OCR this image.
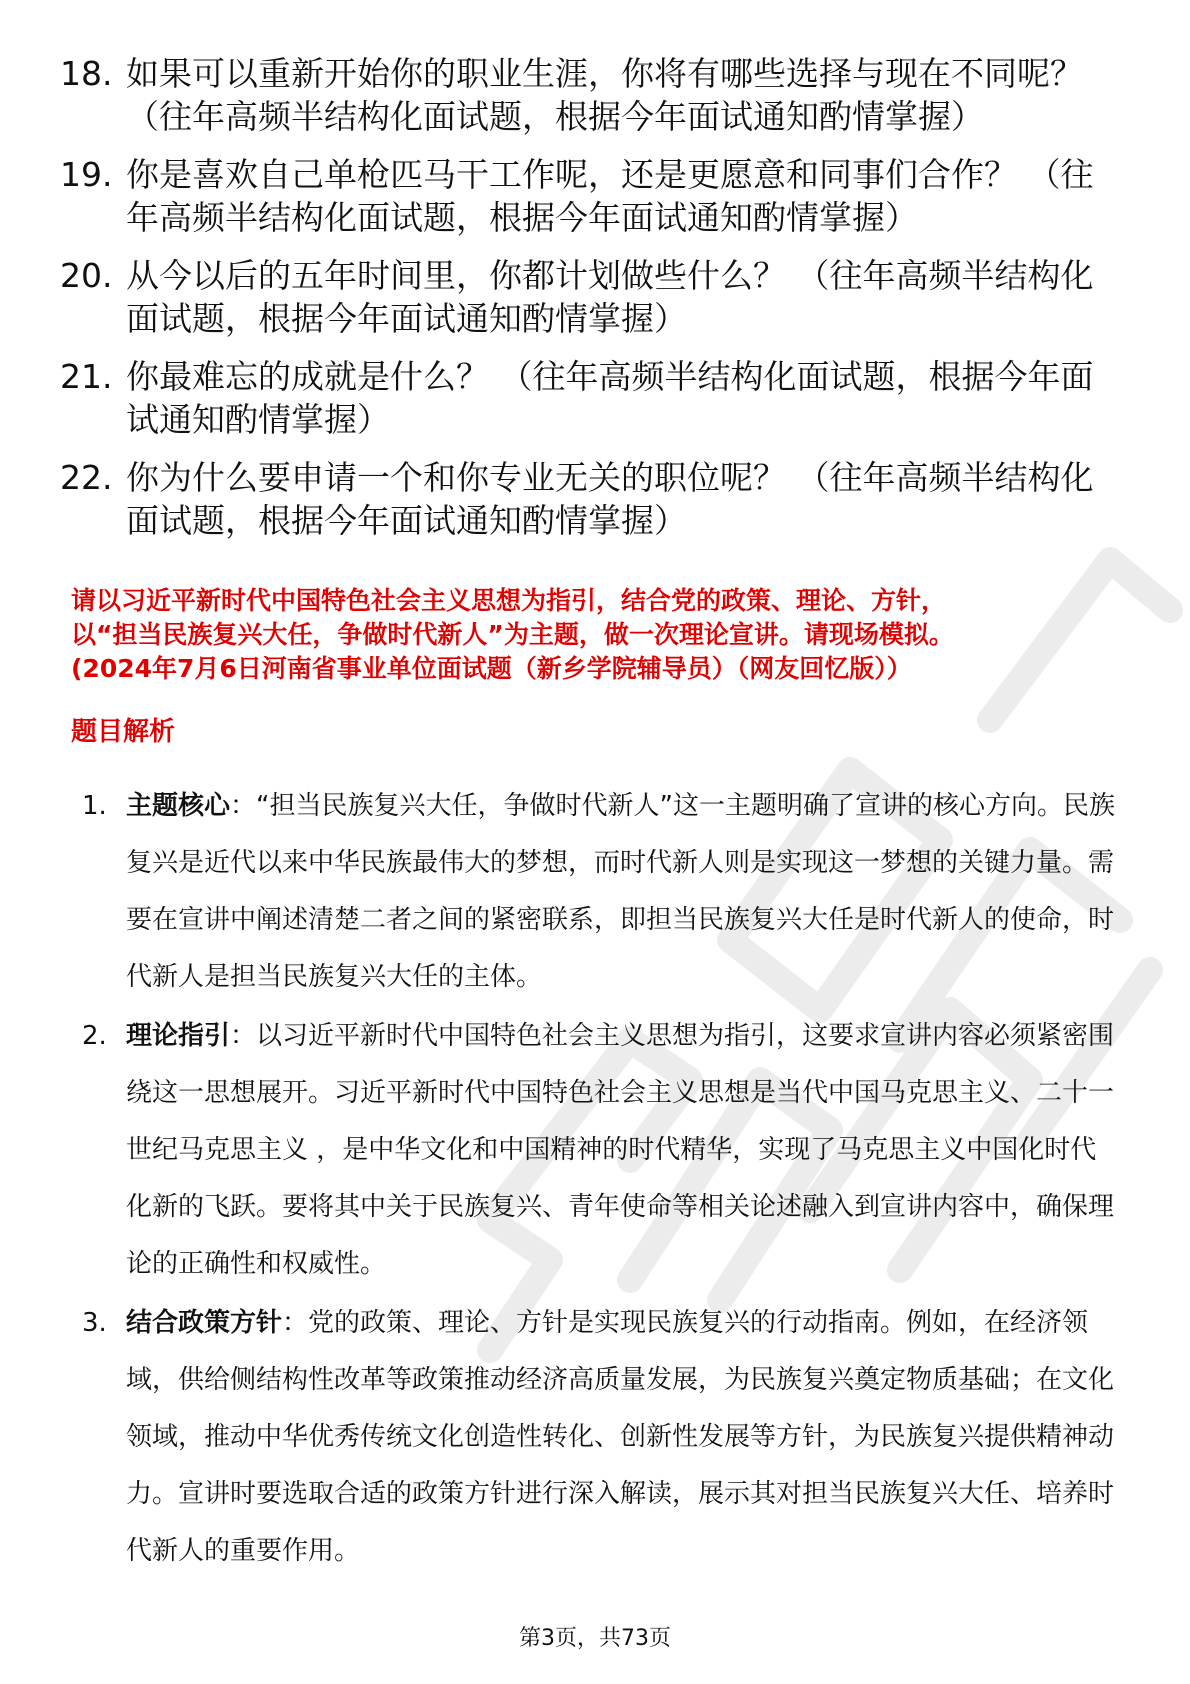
18. 如果可以重新开始你的职业生涯，你将有哪些选择与现在不同呢？ （往年高频半结构化面试题，根据今年面试通知酌情掌握）
19. 你是喜欢自己单枪匹马干工作呢，还是更愿意和同事们合作？ （往年高频半结构化面试题，根据今年面试通知酌情掌握）
20. 从今以后的五年时间里，你都计划做些什么？ （往年高频半结构化面试题，根据今年面试通知酌情掌握）
21. 你最难忘的成就是什么？ （往年高频半结构化面试题，根据今年面试通知酌情掌握）
22. 你为什么要申请一个和你专业无关的职位呢？ （往年高频半结构化面试题，根据今年面试通知酌情掌握）
请以习近平新时代中国特色社会主义思想为指引，结合党的政策、理论、方针，
以“担当民族复兴大任，争做时代新人”为主题，做一次理论宣讲。请现场模拟。
(2024年7月6日河南省事业单位面试题（新乡学院辅导员）（网友回忆版））
题目解析
1. 主题核心：“担当民族复兴大任，争做时代新人”这一主题明确了宣讲的核心方向。民族复兴是近代以来中华民族最伟大的梦想，而时代新人则是实现这一梦想的关键力量。需要在宣讲中阐述清楚二者之间的紧密联系，即担当民族复兴大任是时代新人的使命，时代新人是担当民族复兴大任的主体。
2. 理论指引：以习近平新时代中国特色社会主义思想为指引，这要求宣讲内容必须紧密围绕这一思想展开。习近平新时代中国特色社会主义思想是当代中国马克思主义、二十一世纪马克思主义 ，是中华文化和中国精神的时代精华，实现了马克思主义中国化时代化新的飞跃。要将其中关于民族复兴、青年使命等相关论述融入到宣讲内容中，确保理论的正确性和权威性。
3. 结合政策方针：党的政策、理论、方针是实现民族复兴的行动指南。例如，在经济领域，供给侧结构性改革等政策推动经济高质量发展，为民族复兴奠定物质基础；在文化领域，推动中华优秀传统文化创造性转化、创新性发展等方针，为民族复兴提供精神动力。宣讲时要选取合适的政策方针进行深入解读，展示其对担当民族复兴大任、培养时代新人的重要作用。
第3页，共73页
